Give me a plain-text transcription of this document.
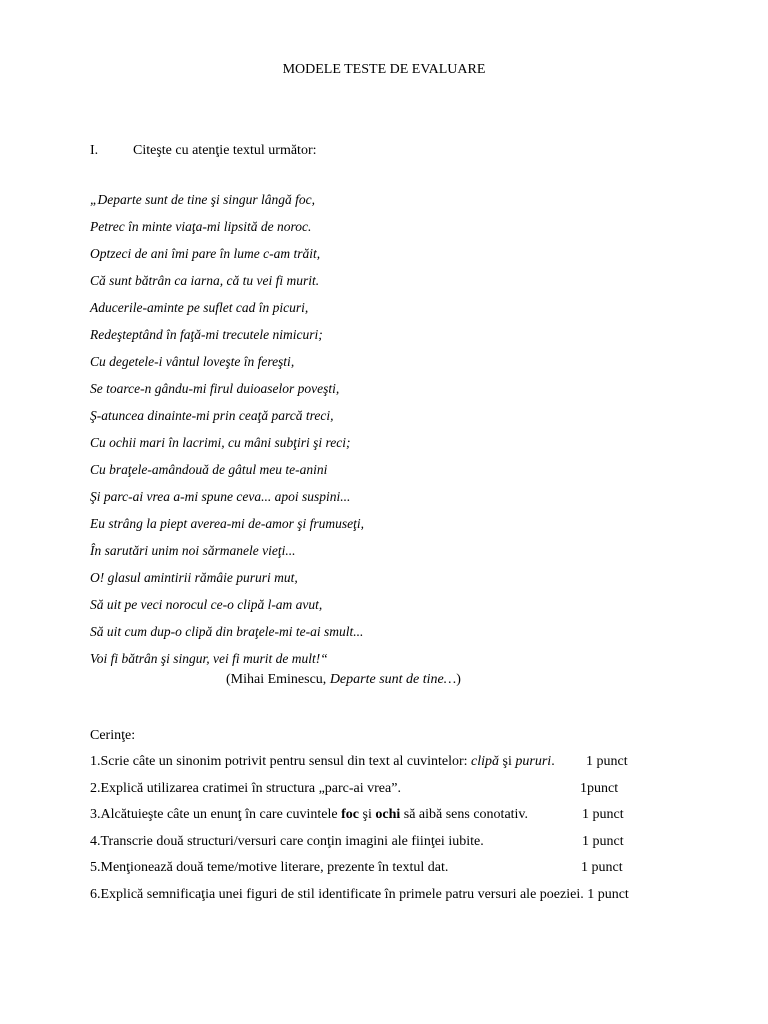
MODELE TESTE DE EVALUARE
I. Citeşte cu atenţie textul următor:
„Departe sunt de tine şi singur lângă foc,
Petrec în minte viaţa-mi lipsită de noroc.
Optzeci de ani îmi pare în lume c-am trăit,
Că sunt bătrân ca iarna, că tu vei fi murit.
Aducerile-aminte pe suflet cad în picuri,
Redeşteptând în faţă-mi trecutele nimicuri;
Cu degetele-i vântul loveşte în fereşti,
Se toarce-n gându-mi firul duioaselor poveşti,
Ş-atuncea dinainte-mi prin ceaţă parcă treci,
Cu ochii mari în lacrimi, cu mâni subţiri şi reci;
Cu braţele-amândouă de gâtul meu te-anini
Şi parc-ai vrea a-mi spune ceva... apoi suspini...
Eu strâng la piept averea-mi de-amor şi frumuseţi,
În sarutări unim noi sărmanele vieţi...
O! glasul amintirii rămâie pururi mut,
Să uit pe veci norocul ce-o clipă l-am avut,
Să uit cum dup-o clipă din braţele-mi te-ai smult...
Voi fi bătrân şi singur, vei fi murit de mult!“
(Mihai Eminescu, Departe sunt de tine…)
Cerinţe:
1.Scrie câte un sinonim potrivit pentru sensul din text al cuvintelor: clipă şi pururi. 1 punct
2.Explică utilizarea cratimei în structura „parc-ai vrea”.	1punct
3.Alcătuieşte câte un enunţ în care cuvintele foc şi ochi să aibă sens conotativ.	1 punct
4.Transcrie două structuri/versuri care conţin imagini ale fiinţei iubite.	1 punct
5.Menţionează două teme/motive literare, prezente în textul dat.	1 punct
6.Explică semnificaţia unei figuri de stil identificate în primele patru versuri ale poeziei. 1 punct
